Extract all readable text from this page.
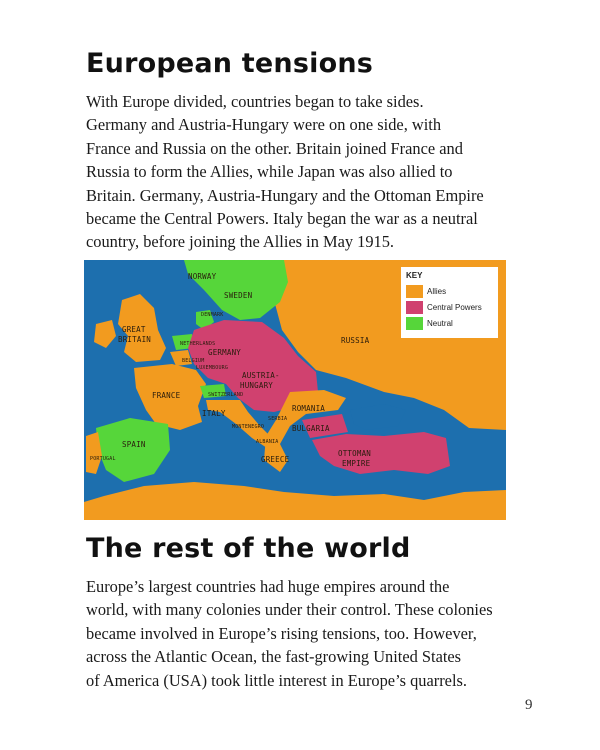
European tensions

With Europe divided, countries began to take sides.
Germany and Austria-Hungary were on one side, with
France and Russia on the other. Britain joined France and
Russia to form the Allies, while Japan was also allied to
Britain. Germany, Austria-Hungary and the Ottoman Empire
became the Central Powers. Italy began the war as a neutral
country, before joining the Allies in May 1915.

NORWAY
SWEDEN
DENMARK
GREAT
BRITAIN	NETHERLANDS
GERMANY
BELGIUM
LUXEMBOURG
RUSSIA
AUSTRIA-
HUNGARY
FRANCE	SWITZERLAND
ITALY
ROMANIA
SERBIA
MONTENEGRO	BULGARIA
ALBANIA
SPAIN
PORTUGAL	GREECE
OTTOMAN
EMPIRE
KEY
Allies
Central Powers
Neutral
The rest of the world

Europe’s largest countries had huge empires around the
world, with many colonies under their control. These colonies
became involved in Europe’s rising tensions, too. However,
across the Atlantic Ocean, the fast-growing United States
of America (USA) took little interest in Europe’s quarrels.

9
